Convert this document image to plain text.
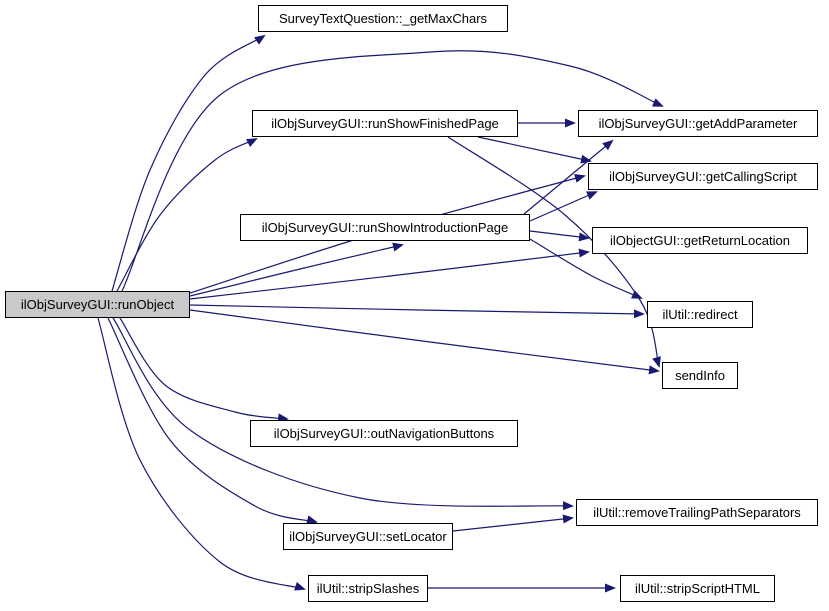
ilObjSurveyGUI::runObject
SurveyTextQuestion::_getMaxChars
ilObjSurveyGUI::runShowFinishedPage	ilObjSurveyGUI::getAddParameter
ilObjSurveyGUI::getCallingScript
ilObjSurveyGUI::runShowIntroductionPage
ilObjectGUI::getReturnLocation
ilUtil::redirect
sendInfo
ilObjSurveyGUI::outNavigationButtons
ilObjSurveyGUI::setLocator
ilUtil::removeTrailingPathSeparators
ilUtil::stripSlashes	ilUtil::stripScriptHTML
